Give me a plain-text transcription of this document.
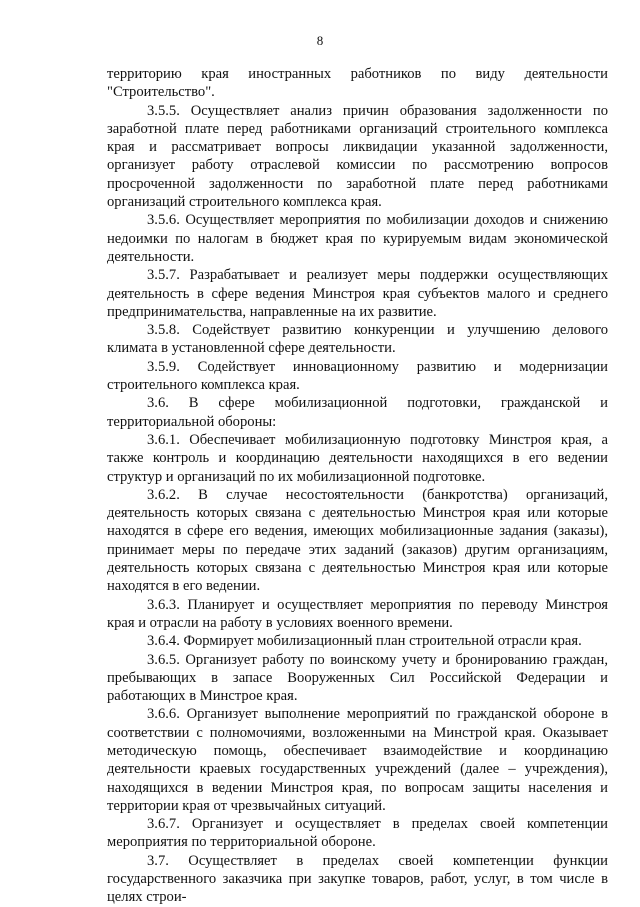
8

территорию края иностранных работников по виду деятельности "Строительство".

3.5.5. Осуществляет анализ причин образования задолженности по заработной плате перед работниками организаций строительного комплекса края и рассматривает вопросы ликвидации указанной задолженности, организует работу отраслевой комиссии по рассмотрению вопросов просроченной задолженности по заработной плате перед работниками организаций строительного комплекса края.

3.5.6. Осуществляет мероприятия по мобилизации доходов и снижению недоимки по налогам в бюджет края по курируемым видам экономической деятельности.

3.5.7. Разрабатывает и реализует меры поддержки осуществляющих деятельность в сфере ведения Минстроя края субъектов малого и среднего предпринимательства, направленные на их развитие.

3.5.8. Содействует развитию конкуренции и улучшению делового климата в установленной сфере деятельности.

3.5.9. Содействует инновационному развитию и модернизации строительного комплекса края.

3.6. В сфере мобилизационной подготовки, гражданской и территориальной обороны:

3.6.1. Обеспечивает мобилизационную подготовку Минстроя края, а также контроль и координацию деятельности находящихся в его ведении структур и организаций по их мобилизационной подготовке.

3.6.2. В случае несостоятельности (банкротства) организаций, деятельность которых связана с деятельностью Минстроя края или которые находятся в сфере его ведения, имеющих мобилизационные задания (заказы), принимает меры по передаче этих заданий (заказов) другим организациям, деятельность которых связана с деятельностью Минстроя края или которые находятся в его ведении.

3.6.3. Планирует и осуществляет мероприятия по переводу Минстроя края и отрасли на работу в условиях военного времени.

3.6.4. Формирует мобилизационный план строительной отрасли края.

3.6.5. Организует работу по воинскому учету и бронированию граждан, пребывающих в запасе Вооруженных Сил Российской Федерации и работающих в Минстрое края.

3.6.6. Организует выполнение мероприятий по гражданской обороне в соответствии с полномочиями, возложенными на Минстрой края. Оказывает методическую помощь, обеспечивает взаимодействие и координацию деятельности краевых государственных учреждений (далее – учреждения), находящихся в ведении Минстроя края, по вопросам защиты населения и территории края от чрезвычайных ситуаций.

3.6.7. Организует и осуществляет в пределах своей компетенции мероприятия по территориальной обороне.

3.7. Осуществляет в пределах своей компетенции функции государственного заказчика при закупке товаров, работ, услуг, в том числе в целях строи-
